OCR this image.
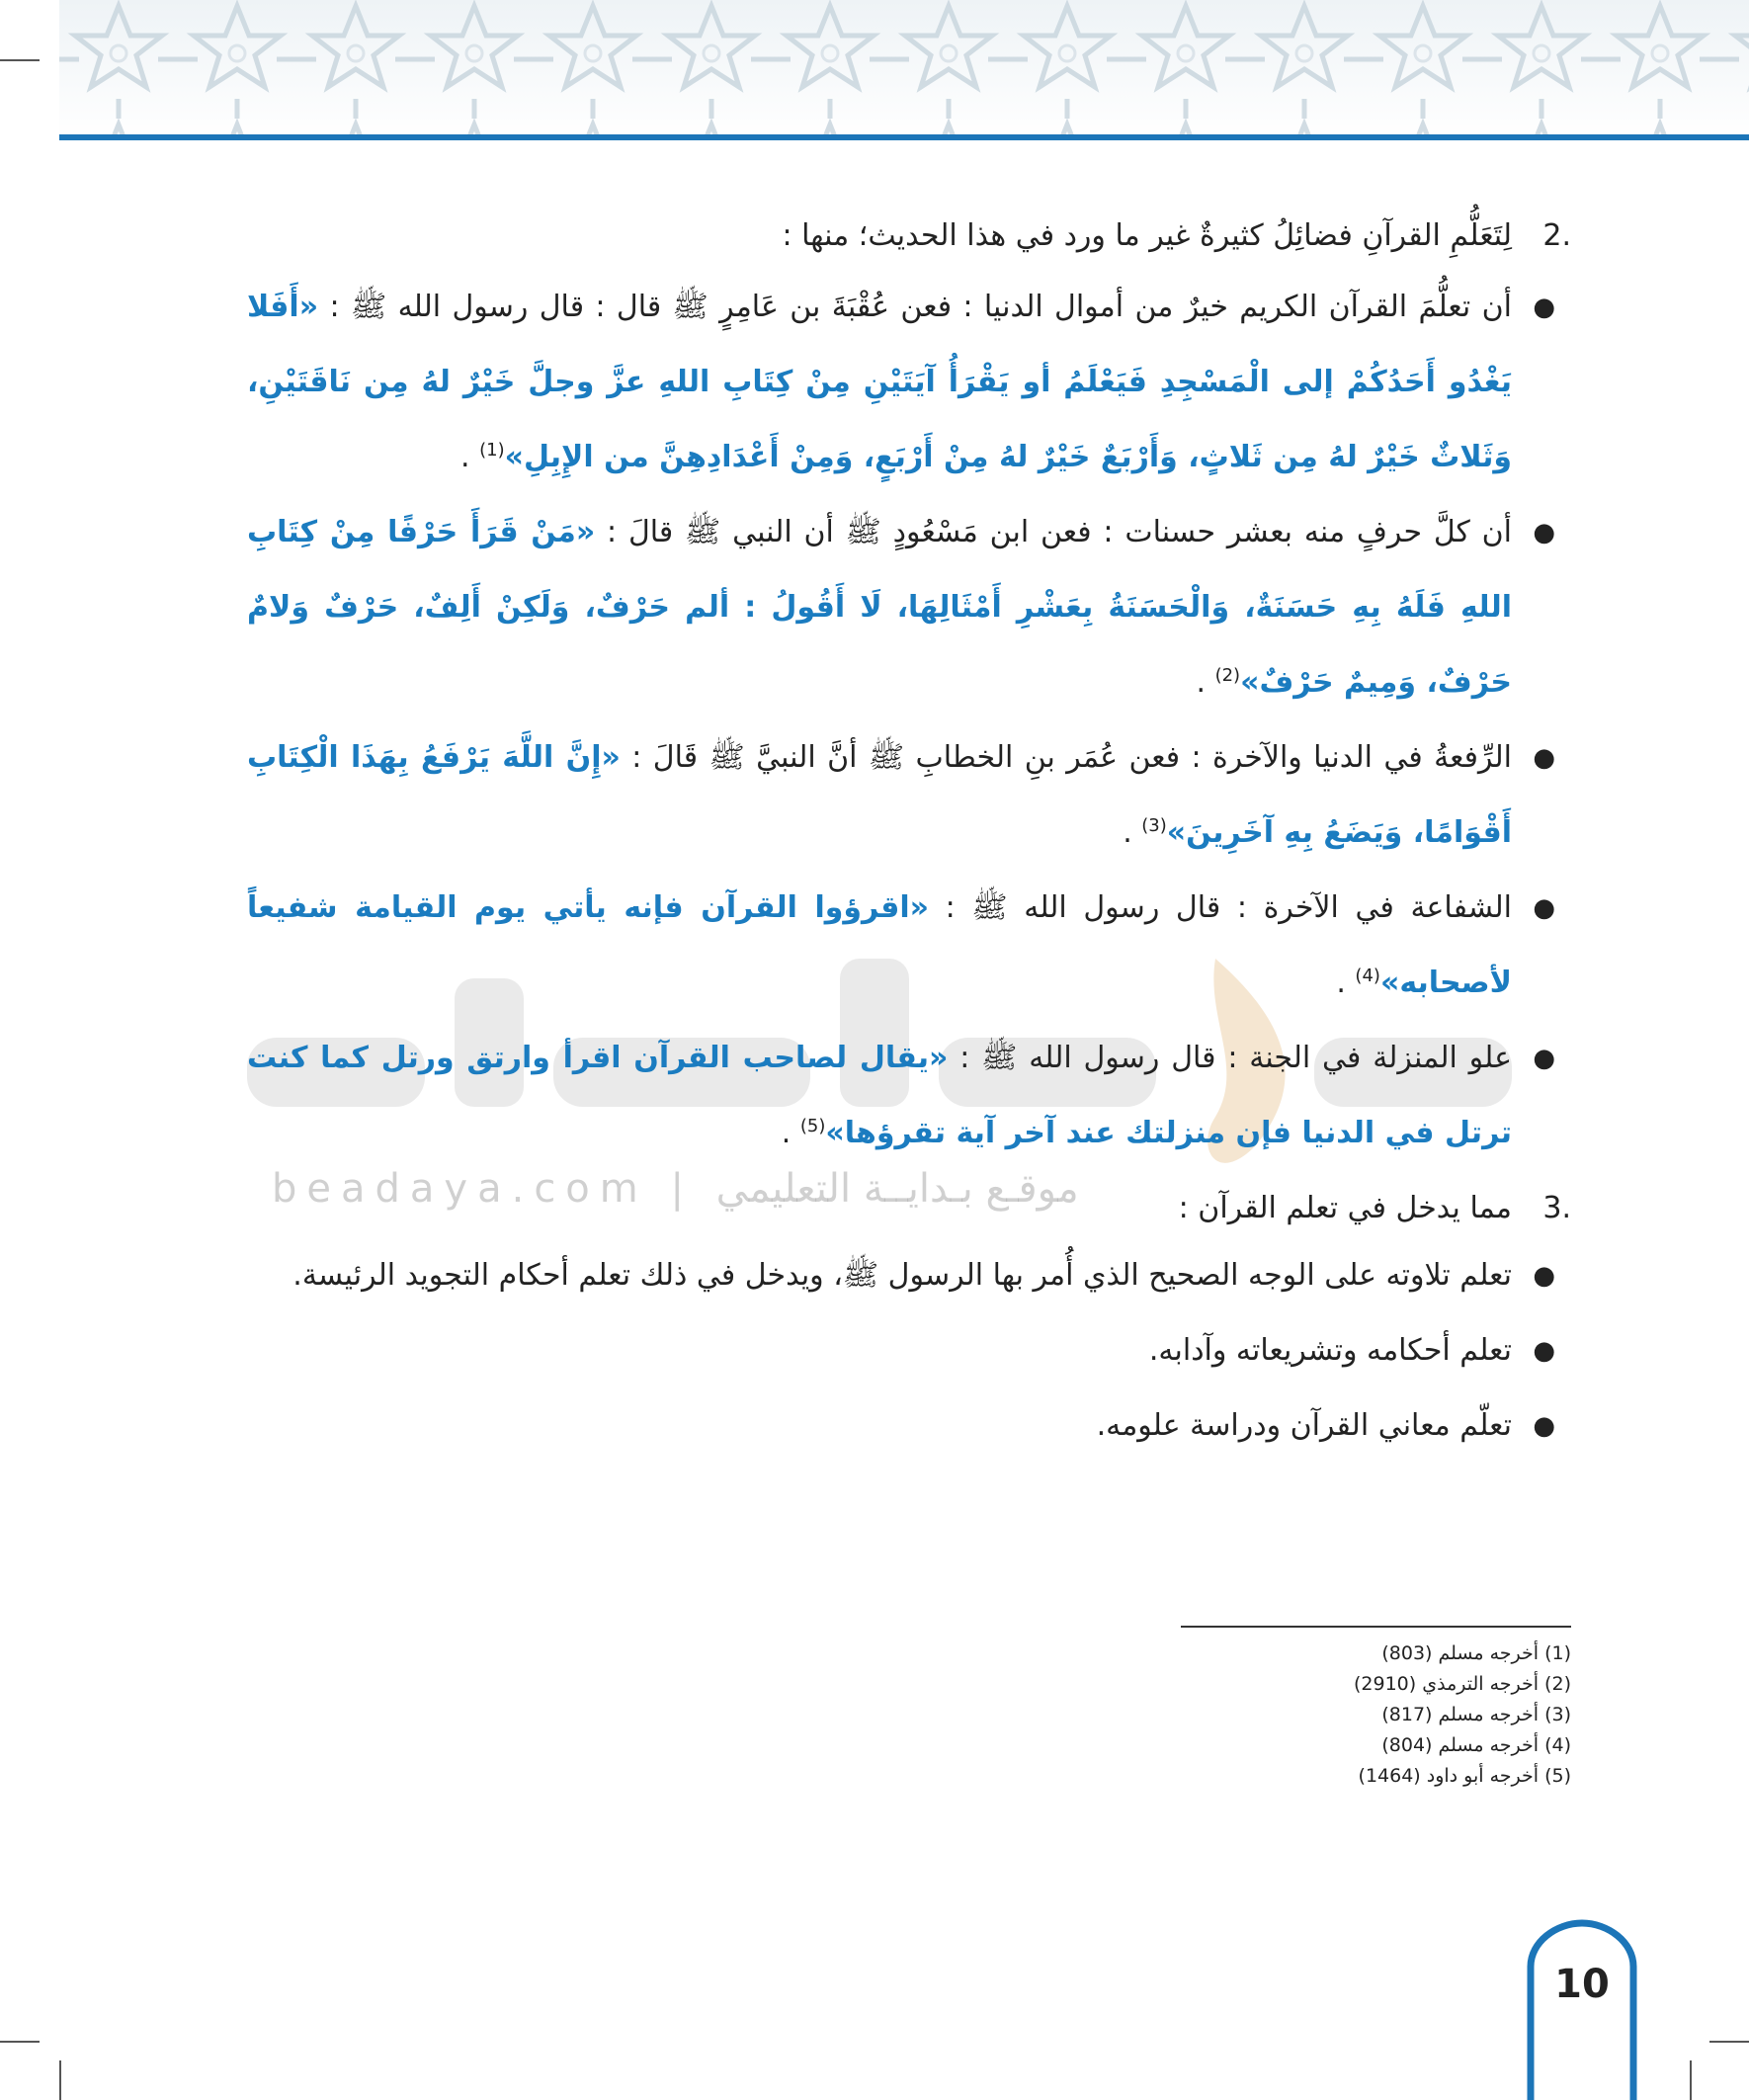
beadaya.com | موقـع بـدايــة التعليمي
2.
لِتَعَلُّمِ القرآنِ فضائِلُ كثيرةٌ غير ما ورد في هذا الحديث؛ منها :
●
أن تعلُّمَ القرآن الكريم خيرٌ من أموال الدنيا : فعن عُقْبَةَ بن عَامِرٍ ﷺ قال : قال رسول الله ﷺ : «أَفَلا يَغْدُو أَحَدُكُمْ إلى الْمَسْجِدِ فَيَعْلَمُ أو يَقْرَأُ آيَتَيْنِ مِنْ كِتَابِ اللهِ عزَّ وجلَّ خَيْرٌ لهُ مِن نَاقَتَيْنِ، وَثَلاثٌ خَيْرٌ لهُ مِن ثَلاثٍ، وَأَرْبَعٌ خَيْرٌ لهُ مِنْ أَرْبَعٍ، وَمِنْ أَعْدَادِهِنَّ من الإِبِلِ»$^{(1)}$ .
●
أن كلَّ حرفٍ منه بعشر حسنات : فعن ابن مَسْعُودٍ ﷺ أن النبي ﷺ قالَ : «مَنْ قَرَأَ حَرْفًا مِنْ كِتَابِ اللهِ فَلَهُ بِهِ حَسَنَةٌ، وَالْحَسَنَةُ بِعَشْرِ أَمْثَالِهَا، لَا أَقُولُ : ألم حَرْفٌ، وَلَكِنْ أَلِفٌ، حَرْفٌ وَلامٌ حَرْفٌ، وَمِيمٌ حَرْفٌ»$^{(2)}$ .
●
الرِّفعةُ في الدنيا والآخرة : فعن عُمَر بنِ الخطابِ ﷺ أنَّ النبيَّ ﷺ قَالَ : «إِنَّ اللَّهَ يَرْفَعُ بِهَذَا الْكِتَابِ أَقْوَامًا، وَيَضَعُ بِهِ آخَرِينَ»$^{(3)}$ .
●
الشفاعة في الآخرة : قال رسول الله ﷺ : «اقرؤوا القرآن فإنه يأتي يوم القيامة شفيعاً لأصحابه»$^{(4)}$ .
●
علو المنزلة في الجنة : قال رسول الله ﷺ : «يقال لصاحب القرآن اقرأ وارتق ورتل كما كنت ترتل في الدنيا فإن منزلتك عند آخر آية تقرؤها»$^{(5)}$ .
3.
مما يدخل في تعلم القرآن :
●
تعلم تلاوته على الوجه الصحيح الذي أُمر بها الرسول ﷺ، ويدخل في ذلك تعلم أحكام التجويد الرئيسة.
●
تعلم أحكامه وتشريعاته وآدابه.
●
تعلّم معاني القرآن ودراسة علومه.
(1) أخرجه مسلم (803)
(2) أخرجه الترمذي (2910)
(3) أخرجه مسلم (817)
(4) أخرجه مسلم (804)
(5) أخرجه أبو داود (1464)
10
